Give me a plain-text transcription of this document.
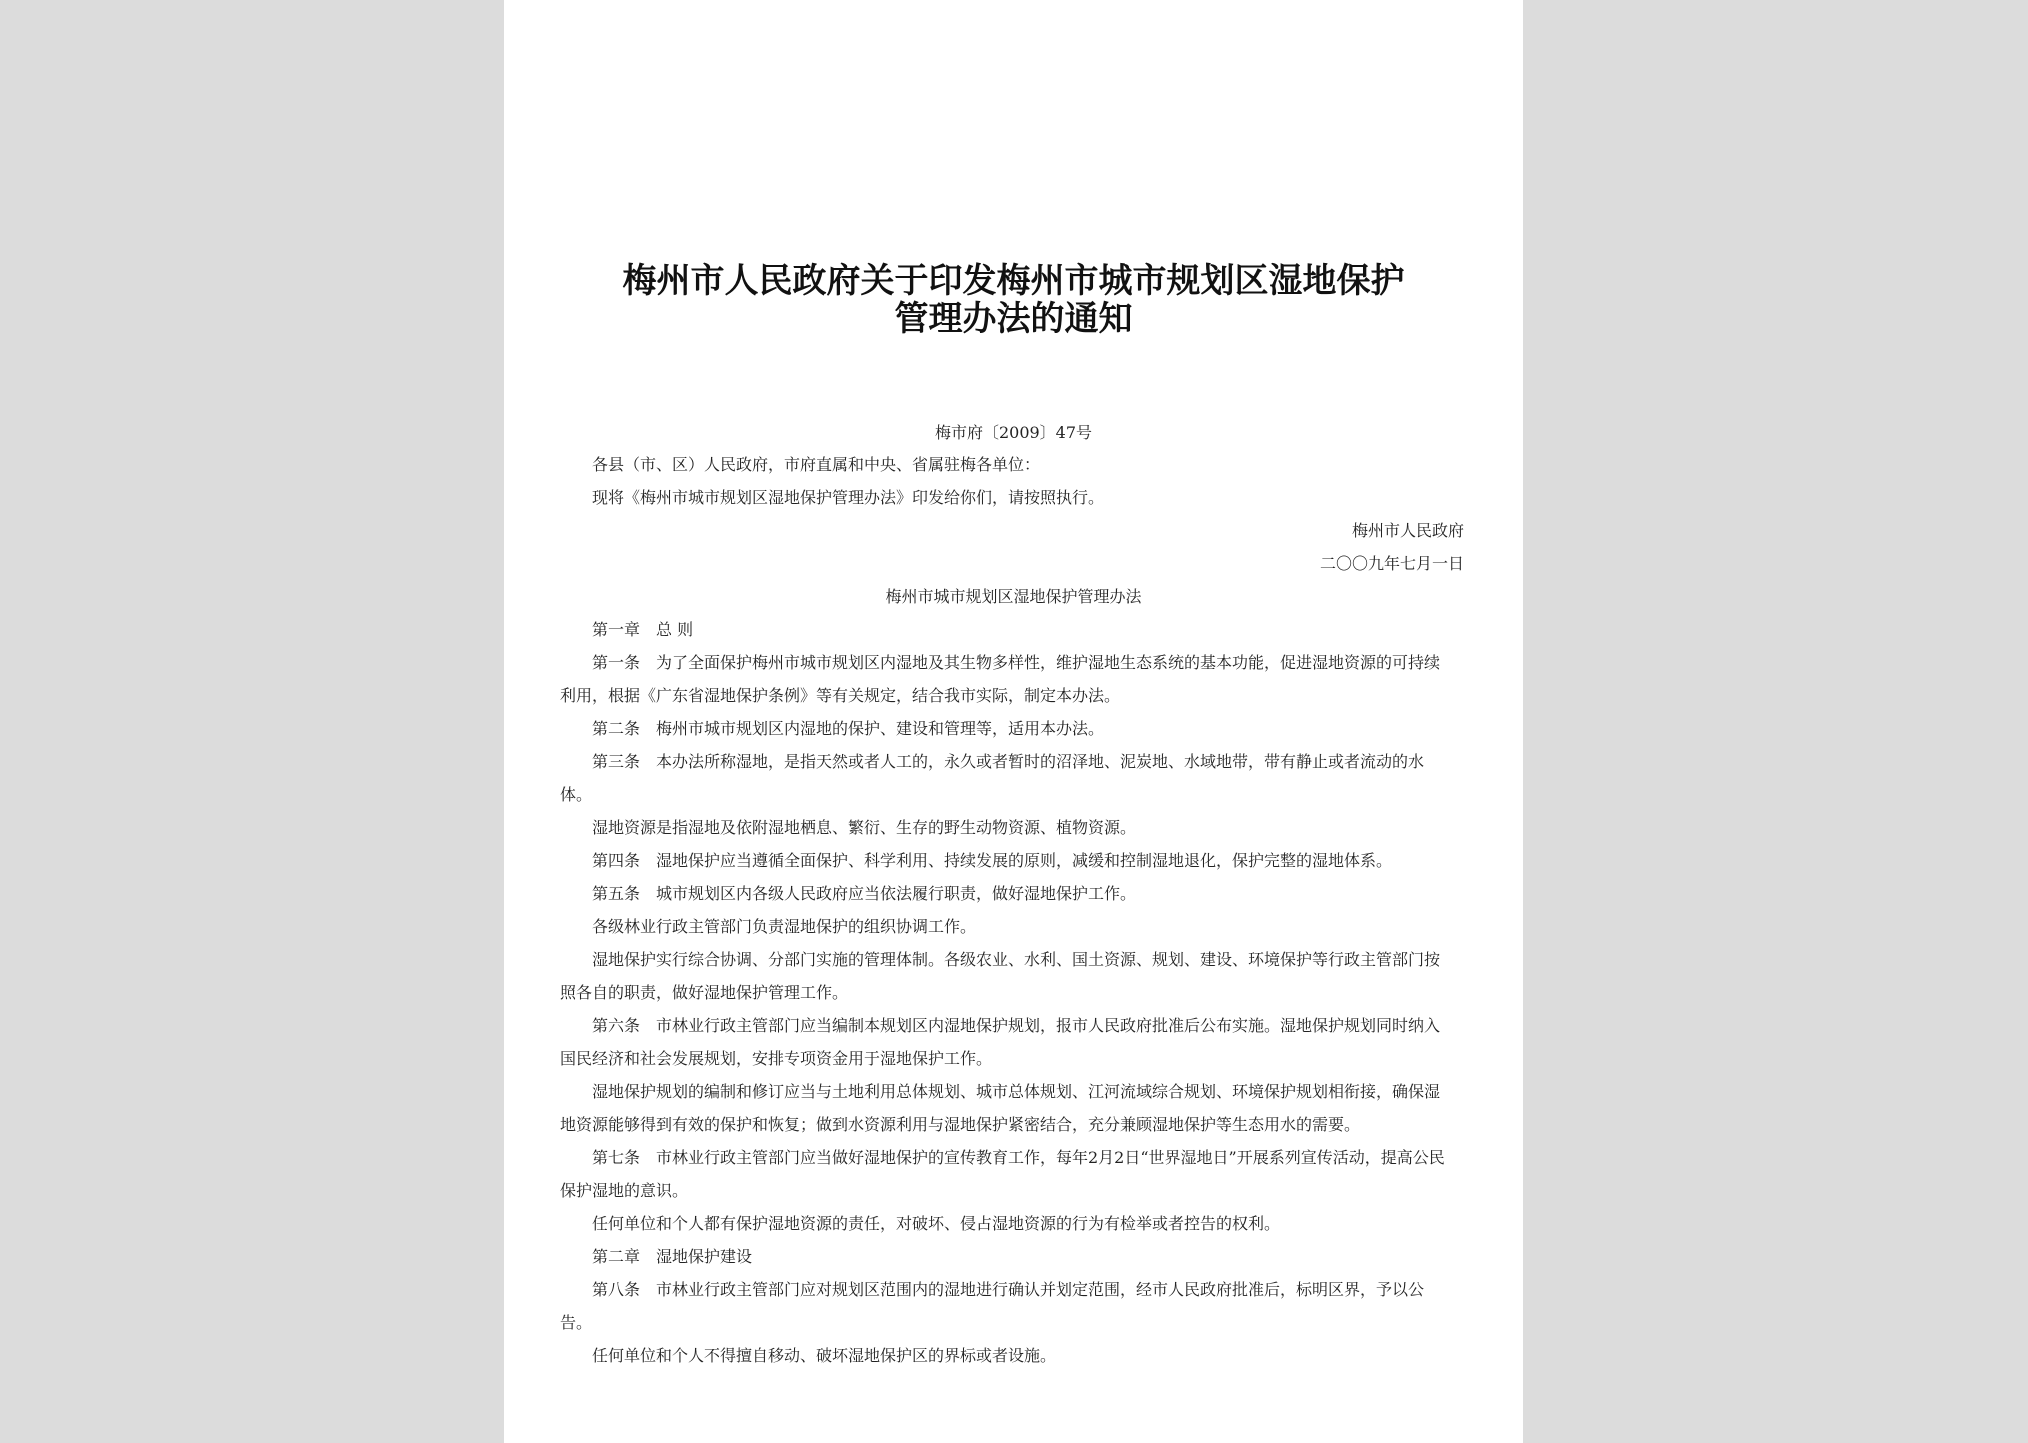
梅州市人民政府关于印发梅州市城市规划区湿地保护
管理办法的通知
梅市府〔2009〕47号
各县（市、区）人民政府，市府直属和中央、省属驻梅各单位：
现将《梅州市城市规划区湿地保护管理办法》印发给你们，请按照执行。
梅州市人民政府
二〇〇九年七月一日
梅州市城市规划区湿地保护管理办法
第一章　总 则
第一条　为了全面保护梅州市城市规划区内湿地及其生物多样性，维护湿地生态系统的基本功能，促进湿地资源的可持续
利用，根据《广东省湿地保护条例》等有关规定，结合我市实际，制定本办法。
第二条　梅州市城市规划区内湿地的保护、建设和管理等，适用本办法。
第三条　本办法所称湿地，是指天然或者人工的，永久或者暂时的沼泽地、泥炭地、水域地带，带有静止或者流动的水
体。
湿地资源是指湿地及依附湿地栖息、繁衍、生存的野生动物资源、植物资源。
第四条　湿地保护应当遵循全面保护、科学利用、持续发展的原则，减缓和控制湿地退化，保护完整的湿地体系。
第五条　城市规划区内各级人民政府应当依法履行职责，做好湿地保护工作。
各级林业行政主管部门负责湿地保护的组织协调工作。
湿地保护实行综合协调、分部门实施的管理体制。各级农业、水利、国土资源、规划、建设、环境保护等行政主管部门按
照各自的职责，做好湿地保护管理工作。
第六条　市林业行政主管部门应当编制本规划区内湿地保护规划，报市人民政府批准后公布实施。湿地保护规划同时纳入
国民经济和社会发展规划，安排专项资金用于湿地保护工作。
湿地保护规划的编制和修订应当与土地利用总体规划、城市总体规划、江河流域综合规划、环境保护规划相衔接，确保湿
地资源能够得到有效的保护和恢复；做到水资源利用与湿地保护紧密结合，充分兼顾湿地保护等生态用水的需要。
第七条　市林业行政主管部门应当做好湿地保护的宣传教育工作，每年2月2日“世界湿地日”开展系列宣传活动，提高公民
保护湿地的意识。
任何单位和个人都有保护湿地资源的责任，对破坏、侵占湿地资源的行为有检举或者控告的权利。
第二章　湿地保护建设
第八条　市林业行政主管部门应对规划区范围内的湿地进行确认并划定范围，经市人民政府批准后，标明区界，予以公
告。
任何单位和个人不得擅自移动、破坏湿地保护区的界标或者设施。
